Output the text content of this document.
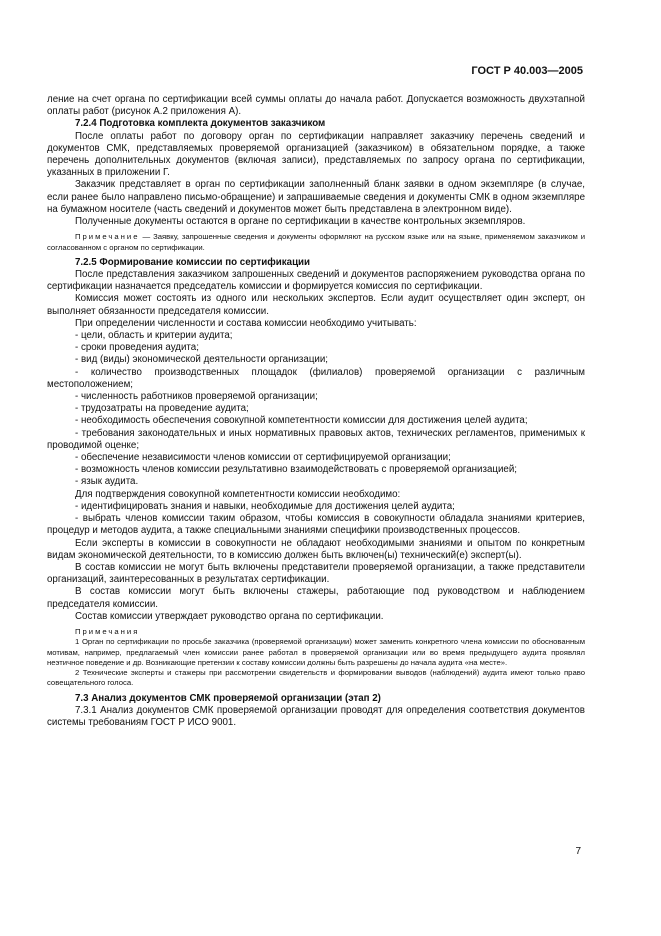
ГОСТ Р 40.003—2005

ление на счет органа по сертификации всей суммы оплаты до начала работ. Допускается возможность двухэтапной оплаты работ (рисунок А.2 приложения А).

7.2.4 Подготовка комплекта документов заказчиком

После оплаты работ по договору орган по сертификации направляет заказчику перечень сведений и документов СМК, представляемых проверяемой организацией (заказчиком) в обязательном порядке, а также перечень дополнительных документов (включая записи), представляемых по запросу органа по сертификации, указанных в приложении Г.

Заказчик представляет в орган по сертификации заполненный бланк заявки в одном экземпляре (в случае, если ранее было направлено письмо-обращение) и запрашиваемые сведения и документы СМК в одном экземпляре на бумажном носителе (часть сведений и документов может быть представлена в электронном виде).

Полученные документы остаются в органе по сертификации в качестве контрольных экземпляров.

Примечание — Заявку, запрошенные сведения и документы оформляют на русском языке или на языке, применяемом заказчиком и согласованном с органом по сертификации.

7.2.5 Формирование комиссии по сертификации

После представления заказчиком запрошенных сведений и документов распоряжением руководства органа по сертификации назначается председатель комиссии и формируется комиссия по сертификации.

Комиссия может состоять из одного или нескольких экспертов. Если аудит осуществляет один эксперт, он выполняет обязанности председателя комиссии.

При определении численности и состава комиссии необходимо учитывать:

- цели, область и критерии аудита;

- сроки проведения аудита;

- вид (виды) экономической деятельности организации;

- количество производственных площадок (филиалов) проверяемой организации с различным местоположением;

- численность работников проверяемой организации;

- трудозатраты на проведение аудита;

- необходимость обеспечения совокупной компетентности комиссии для достижения целей аудита;

- требования законодательных и иных нормативных правовых актов, технических регламентов, применимых к проводимой оценке;

- обеспечение независимости членов комиссии от сертифицируемой организации;

- возможность членов комиссии результативно взаимодействовать с проверяемой организацией;

- язык аудита.

Для подтверждения совокупной компетентности комиссии необходимо:

- идентифицировать знания и навыки, необходимые для достижения целей аудита;

- выбрать членов комиссии таким образом, чтобы комиссия в совокупности обладала знаниями критериев, процедур и методов аудита, а также специальными знаниями специфики производственных процессов.

Если эксперты в комиссии в совокупности не обладают необходимыми знаниями и опытом по конкретным видам экономической деятельности, то в комиссию должен быть включен(ы) технический(е) эксперт(ы).

В состав комиссии не могут быть включены представители проверяемой организации, а также представители организаций, заинтересованных в результатах сертификации.

В состав комиссии могут быть включены стажеры, работающие под руководством и наблюдением председателя комиссии.

Состав комиссии утверждает руководство органа по сертификации.

Примечания

1 Орган по сертификации по просьбе заказчика (проверяемой организации) может заменить конкретного члена комиссии по обоснованным мотивам, например, предлагаемый член комиссии ранее работал в проверяемой организации или во время предыдущего аудита проявлял неэтичное поведение и др. Возникающие претензии к составу комиссии должны быть разрешены до начала аудита «на месте».

2 Технические эксперты и стажеры при рассмотрении свидетельств и формировании выводов (наблюдений) аудита имеют только право совещательного голоса.

7.3 Анализ документов СМК проверяемой организации (этап 2)

7.3.1 Анализ документов СМК проверяемой организации проводят для определения соответствия документов системы требованиям ГОСТ Р ИСО 9001.

7
